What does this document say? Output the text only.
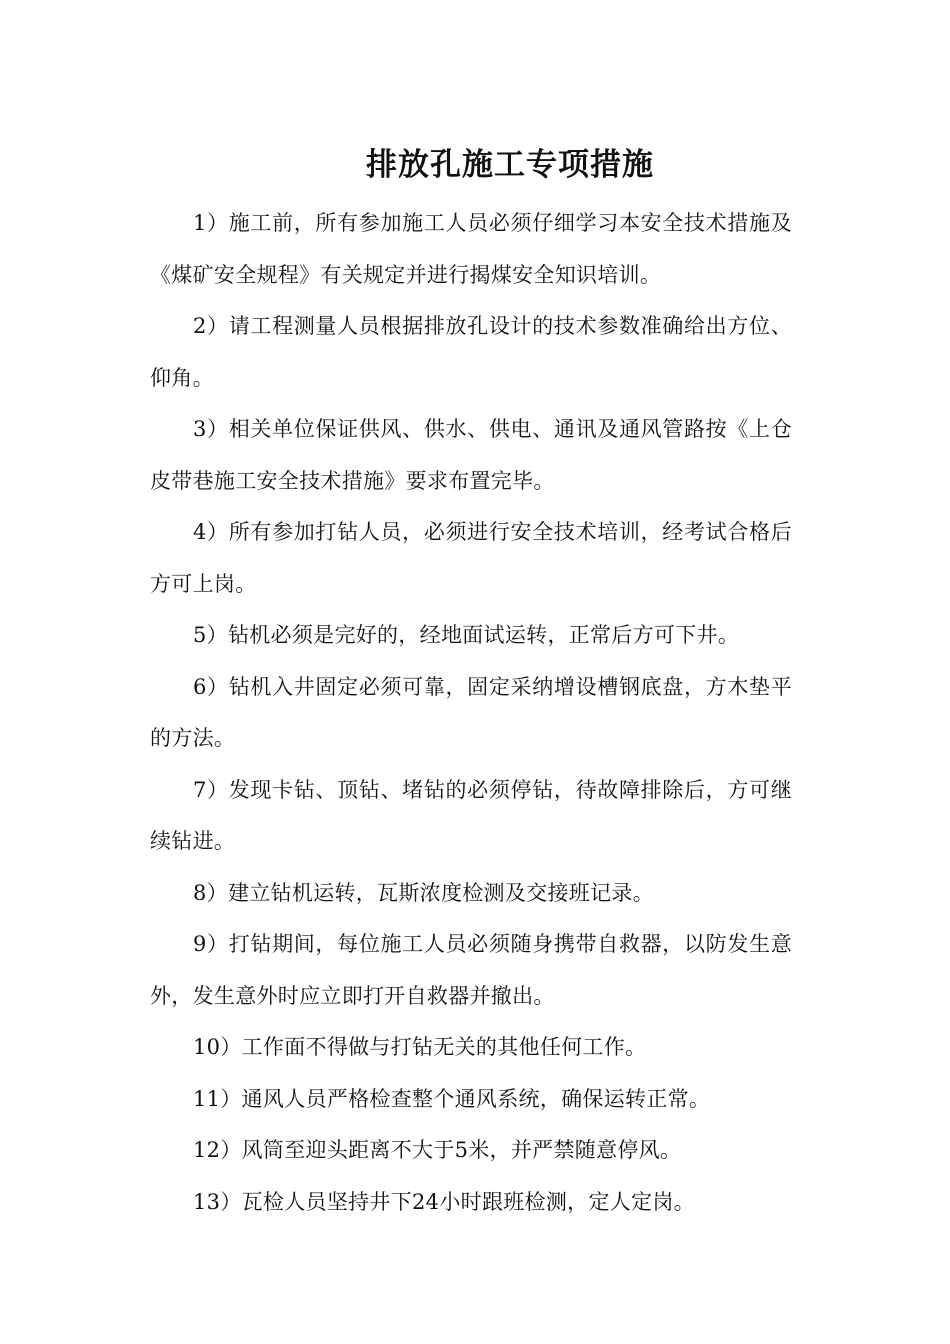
排放孔施工专项措施

1）施工前，所有参加施工人员必须仔细学习本安全技术措施及《煤矿安全规程》有关规定并进行揭煤安全知识培训。

2）请工程测量人员根据排放孔设计的技术参数准确给出方位、仰角。

3）相关单位保证供风、供水、供电、通讯及通风管路按《上仓皮带巷施工安全技术措施》要求布置完毕。

4）所有参加打钻人员，必须进行安全技术培训，经考试合格后方可上岗。

5）钻机必须是完好的，经地面试运转，正常后方可下井。

6）钻机入井固定必须可靠，固定采纳增设槽钢底盘，方木垫平的方法。

7）发现卡钻、顶钻、堵钻的必须停钻，待故障排除后，方可继续钻进。

8）建立钻机运转，瓦斯浓度检测及交接班记录。

9）打钻期间，每位施工人员必须随身携带自救器，以防发生意外，发生意外时应立即打开自救器并撤出。

10）工作面不得做与打钻无关的其他任何工作。

11）通风人员严格检查整个通风系统，确保运转正常。

12）风筒至迎头距离不大于5米，并严禁随意停风。

13）瓦检人员坚持井下24小时跟班检测，定人定岗。
